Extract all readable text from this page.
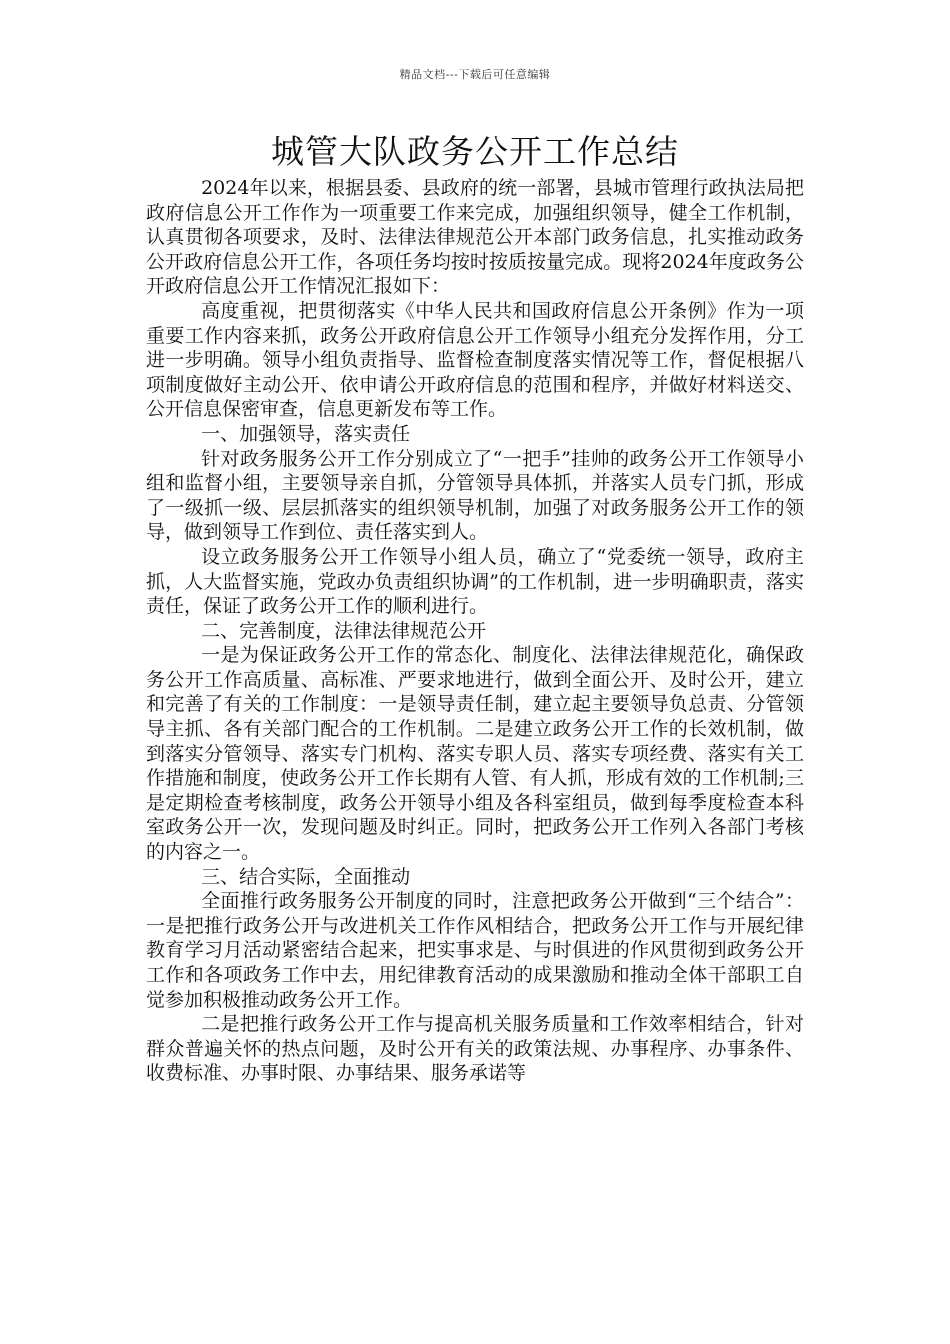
精品文档---下载后可任意编辑
城管大队政务公开工作总结

2024年以来，根据县委、县政府的统一部署，县城市管理行政执法局把政府信息公开工作作为一项重要工作来完成，加强组织领导，健全工作机制，认真贯彻各项要求，及时、法律法律规范公开本部门政务信息，扎实推动政务公开政府信息公开工作，各项任务均按时按质按量完成。现将2024年度政务公开政府信息公开工作情况汇报如下：

高度重视，把贯彻落实《中华人民共和国政府信息公开条例》作为一项重要工作内容来抓，政务公开政府信息公开工作领导小组充分发挥作用，分工进一步明确。领导小组负责指导、监督检查制度落实情况等工作，督促根据八项制度做好主动公开、依申请公开政府信息的范围和程序，并做好材料送交、公开信息保密审查，信息更新发布等工作。

一、加强领导，落实责任

针对政务服务公开工作分别成立了“一把手”挂帅的政务公开工作领导小组和监督小组，主要领导亲自抓，分管领导具体抓，并落实人员专门抓，形成了一级抓一级、层层抓落实的组织领导机制，加强了对政务服务公开工作的领导，做到领导工作到位、责任落实到人。

设立政务服务公开工作领导小组人员，确立了“党委统一领导，政府主抓，人大监督实施，党政办负责组织协调”的工作机制，进一步明确职责，落实责任，保证了政务公开工作的顺利进行。

二、完善制度，法律法律规范公开

一是为保证政务公开工作的常态化、制度化、法律法律规范化，确保政务公开工作高质量、高标准、严要求地进行，做到全面公开、及时公开，建立和完善了有关的工作制度：一是领导责任制，建立起主要领导负总责、分管领导主抓、各有关部门配合的工作机制。二是建立政务公开工作的长效机制，做到落实分管领导、落实专门机构、落实专职人员、落实专项经费、落实有关工作措施和制度，使政务公开工作长期有人管、有人抓，形成有效的工作机制;三是定期检查考核制度，政务公开领导小组及各科室组员，做到每季度检查本科室政务公开一次，发现问题及时纠正。同时，把政务公开工作列入各部门考核的内容之一。

三、结合实际，全面推动

全面推行政务服务公开制度的同时，注意把政务公开做到“三个结合”：一是把推行政务公开与改进机关工作作风相结合，把政务公开工作与开展纪律教育学习月活动紧密结合起来，把实事求是、与时俱进的作风贯彻到政务公开工作和各项政务工作中去，用纪律教育活动的成果激励和推动全体干部职工自觉参加积极推动政务公开工作。

二是把推行政务公开工作与提高机关服务质量和工作效率相结合，针对群众普遍关怀的热点问题，及时公开有关的政策法规、办事程序、办事条件、收费标准、办事时限、办事结果、服务承诺等
